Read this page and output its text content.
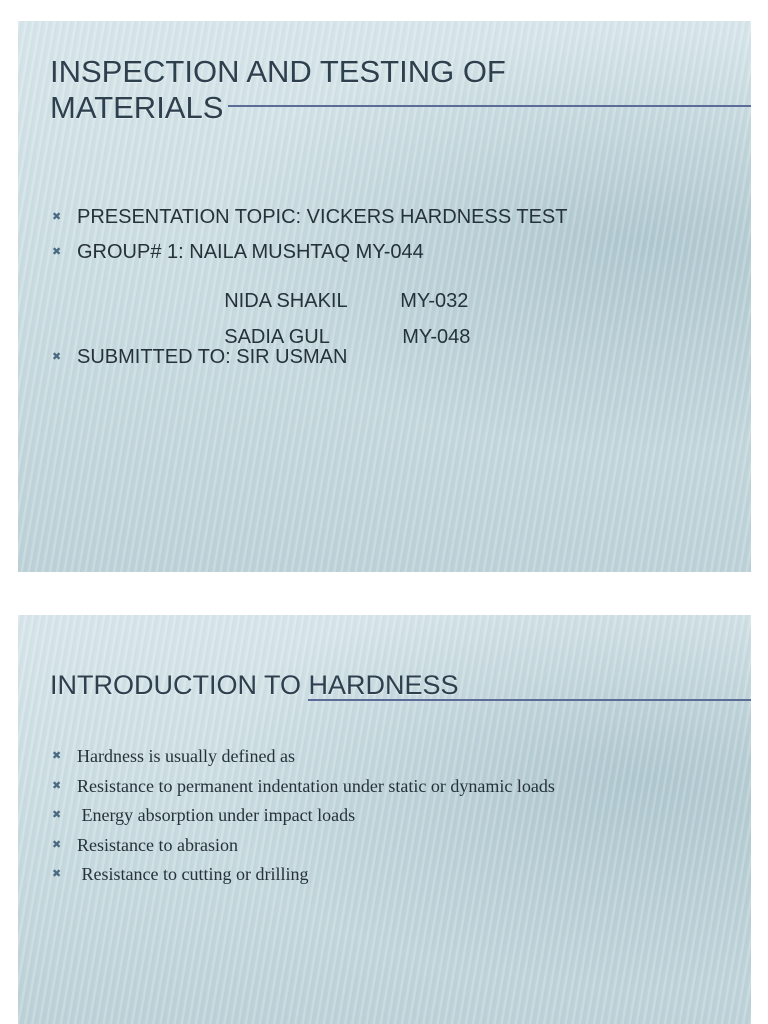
INSPECTION AND TESTING OF MATERIALS
✖ PRESENTATION TOPIC: VICKERS HARDNESS TEST
✖ GROUP# 1: NAILA MUSHTAQ MY-044
✖ SUBMITTED TO: SIR USMAN

NIDA SHAKIL	MY-032

SADIA GUL	MY-048

INTRODUCTION TO HARDNESS
✖ Hardness is usually defined as
✖ Resistance to permanent indentation under static or dynamic loads
✖ Energy absorption under impact loads
✖ Resistance to abrasion
✖ Resistance to cutting or drilling
